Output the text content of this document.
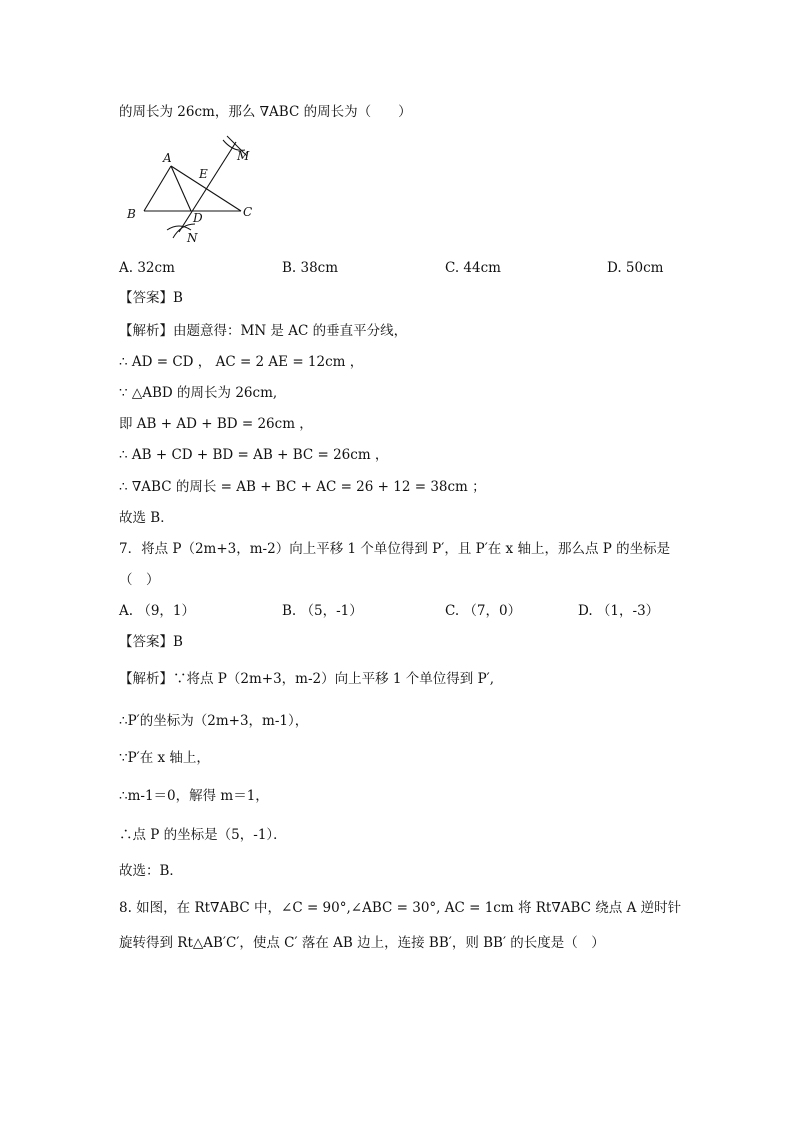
的周长为 26cm，那么 ∇ABC 的周长为（　　）
A
B	C
D
E
M
N
A. 32cm	B. 38cm	C. 44cm	D. 50cm
【答案】B
【解析】由题意得：MN 是 AC 的垂直平分线，
∴ AD = CD ， AC = 2 AE = 12cm ，
∵ △ABD 的周长为 26cm,
即 AB + AD + BD = 26cm ，
∴ AB + CD + BD = AB + BC = 26cm ，
∴ ∇ABC 的周长 = AB + BC + AC = 26 + 12 = 38cm ；
故选 B．
7．将点 P（2m+3，m-2）向上平移 1 个单位得到 P′，且 P′在 x 轴上，那么点 P 的坐标是
（　）
A. （9，1）	B. （5，-1）	C. （7，0）	D. （1，-3）
【答案】B
【解析】∵将点 P（2m+3，m-2）向上平移 1 个单位得到 P′,
∴P′的坐标为（2m+3，m-1），
∵P′在 x 轴上，
∴m-1＝0，解得 m＝1，
∴点 P 的坐标是（5，-1）．
故选：B．
8. 如图，在 Rt∇ABC 中，∠C = 90°,∠ABC = 30°, AC = 1cm 将 Rt∇ABC 绕点 A 逆时针
旋转得到 Rt△AB′C′，使点 C′ 落在 AB 边上，连接 BB′，则 BB′ 的长度是（　）
